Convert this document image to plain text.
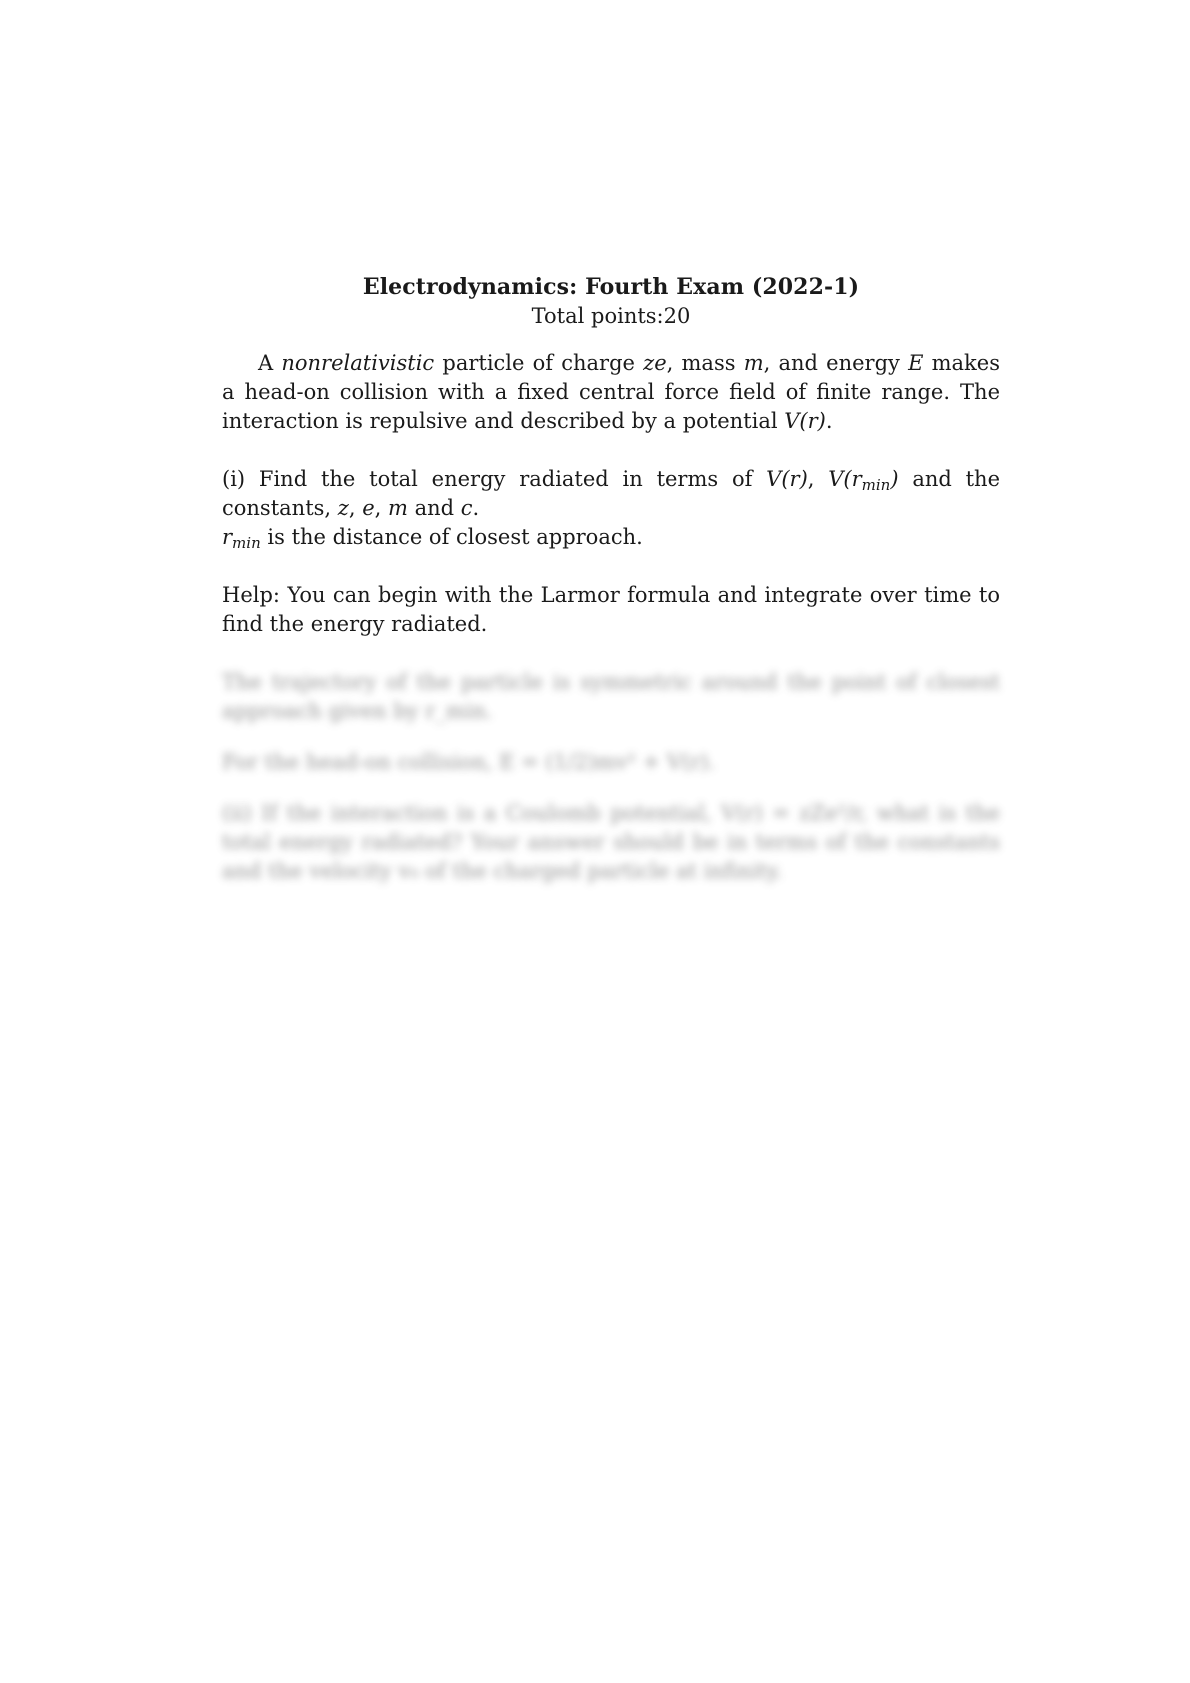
Electrodynamics: Fourth Exam (2022-1)
Total points:20

A nonrelativistic particle of charge ze, mass m, and energy E makes a head-on collision with a fixed central force field of finite range. The interaction is repulsive and described by a potential V(r).

(i) Find the total energy radiated in terms of V(r), $V(r_{min})$ and the constants, z, e, m and c.
$r_{min}$ is the distance of closest approach.

Help: You can begin with the Larmor formula and integrate over time to find the energy radiated.

The trajectory of the particle is symmetric around the point of closest approach given by r_min.

For the head-on collision, E = (1/2)mv² + V(r).

(ii) If the interaction is a Coulomb potential, V(r) = zZe²/r, what is the total energy radiated? Your answer should be in terms of the constants and the velocity v₀ of the charged particle at infinity.
